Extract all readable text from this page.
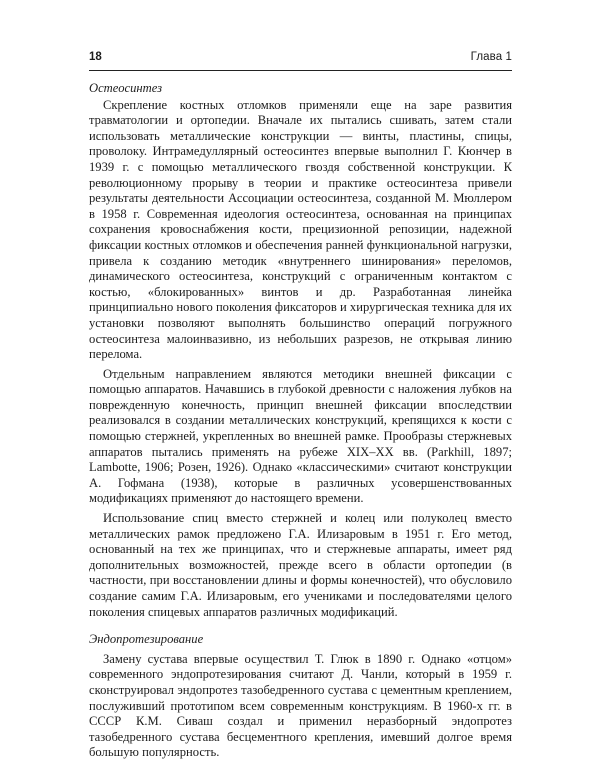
18	Глава 1
Остеосинтез

Скрепление костных отломков применяли еще на заре развития травматологии и ортопедии. Вначале их пытались сшивать, затем стали использовать металлические конструкции — винты, пластины, спицы, проволоку. Интрамедуллярный остеосинтез впервые выполнил Г. Кюнчер в 1939 г. с помощью металлического гвоздя собственной конструкции. К революционному прорыву в теории и практике остеосинтеза привели результаты деятельности Ассоциации остеосинтеза, созданной М. Мюллером в 1958 г. Современная идеология остеосинтеза, основанная на принципах сохранения кровоснабжения кости, прецизионной репозиции, надежной фиксации костных отломков и обеспечения ранней функциональной нагрузки, привела к созданию методик «внутреннего шинирования» переломов, динамического остеосинтеза, конструкций с ограниченным контактом с костью, «блокированных» винтов и др. Разработанная линейка принципиально нового поколения фиксаторов и хирургическая техника для их установки позволяют выполнять большинство операций погружного остеосинтеза малоинвазивно, из небольших разрезов, не открывая линию перелома.

Отдельным направлением являются методики внешней фиксации с помощью аппаратов. Начавшись в глубокой древности с наложения лубков на поврежденную конечность, принцип внешней фиксации впоследствии реализовался в создании металлических конструкций, крепящихся к кости с помощью стержней, укрепленных во внешней рамке. Прообразы стержневых аппаратов пытались применять на рубеже XIX–XX вв. (Parkhill, 1897; Lambotte, 1906; Розен, 1926). Однако «классическими» считают конструкции А. Гофмана (1938), которые в различных усовершенствованных модификациях применяют до настоящего времени.

Использование спиц вместо стержней и колец или полуколец вместо металлических рамок предложено Г.А. Илизаровым в 1951 г. Его метод, основанный на тех же принципах, что и стержневые аппараты, имеет ряд дополнительных возможностей, прежде всего в области ортопедии (в частности, при восстановлении длины и формы конечностей), что обусловило создание самим Г.А. Илизаровым, его учениками и последователями целого поколения спицевых аппаратов различных модификаций.

Эндопротезирование

Замену сустава впервые осуществил Т. Глюк в 1890 г. Однако «отцом» современного эндопротезирования считают Д. Чанли, который в 1959 г. сконструировал эндопротез тазобедренного сустава с цементным креплением, послуживший прототипом всем современным конструкциям. В 1960-х гг. в СССР К.М. Сиваш создал и применил неразборный эндопротез тазобедренного сустава бесцементного крепления, имевший долгое время большую популярность.
